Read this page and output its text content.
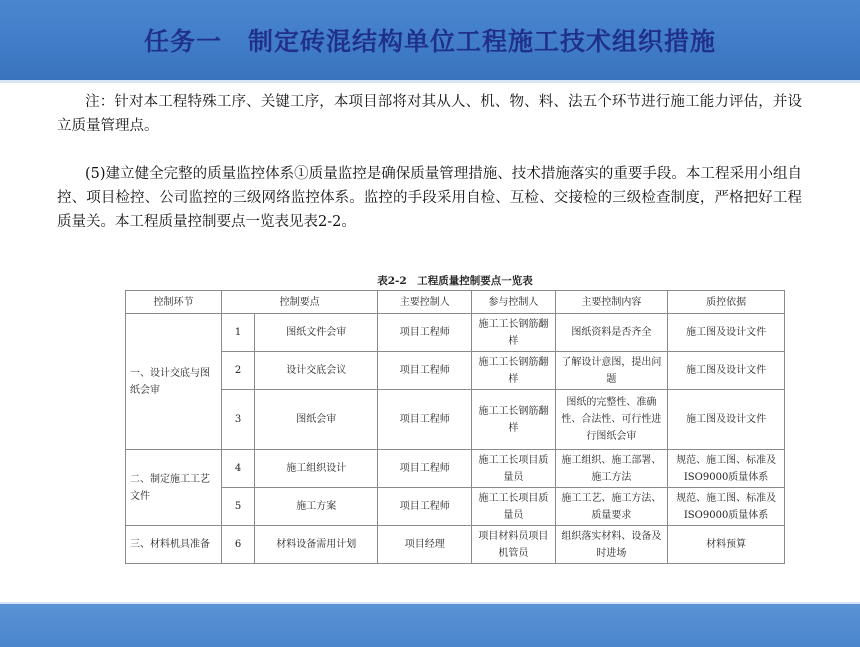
任务一　制定砖混结构单位工程施工技术组织措施
注：针对本工程特殊工序、关键工序，本项目部将对其从人、机、物、料、法五个环节进行施工能力评估，并设立质量管理点。
(5)建立健全完整的质量监控体系①质量监控是确保质量管理措施、技术措施落实的重要手段。本工程采用小组自控、项目检控、公司监控的三级网络监控体系。监控的手段采用自检、互检、交接检的三级检查制度，严格把好工程质量关。本工程质量控制要点一览表见表2-2。
表2-2　工程质量控制要点一览表
控制环节	控制要点		主要控制人	参与控制人	主要控制内容	质控依据
一、设计交底与图纸会审	1	图纸文件会审	项目工程师	施工工长钢筋翻样	图纸资料是否齐全	施工图及设计文件
	2	设计交底会议	项目工程师	施工工长钢筋翻样	了解设计意图，提出问题	施工图及设计文件
	3	图纸会审	项目工程师	施工工长钢筋翻样	图纸的完整性、准确性、合法性、可行性进行图纸会审	施工图及设计文件
二、制定施工工艺文件	4	施工组织设计	项目工程师	施工工长项目质量员	施工组织、施工部署、施工方法	规范、施工图、标准及ISO9000质量体系
	5	施工方案	项目工程师	施工工长项目质量员	施工工艺、施工方法、质量要求	规范、施工图、标准及ISO9000质量体系
三、材料机具准备	6	材料设备需用计划	项目经理	项目材料员项目机管员	组织落实材料、设备及时进场	材料预算
